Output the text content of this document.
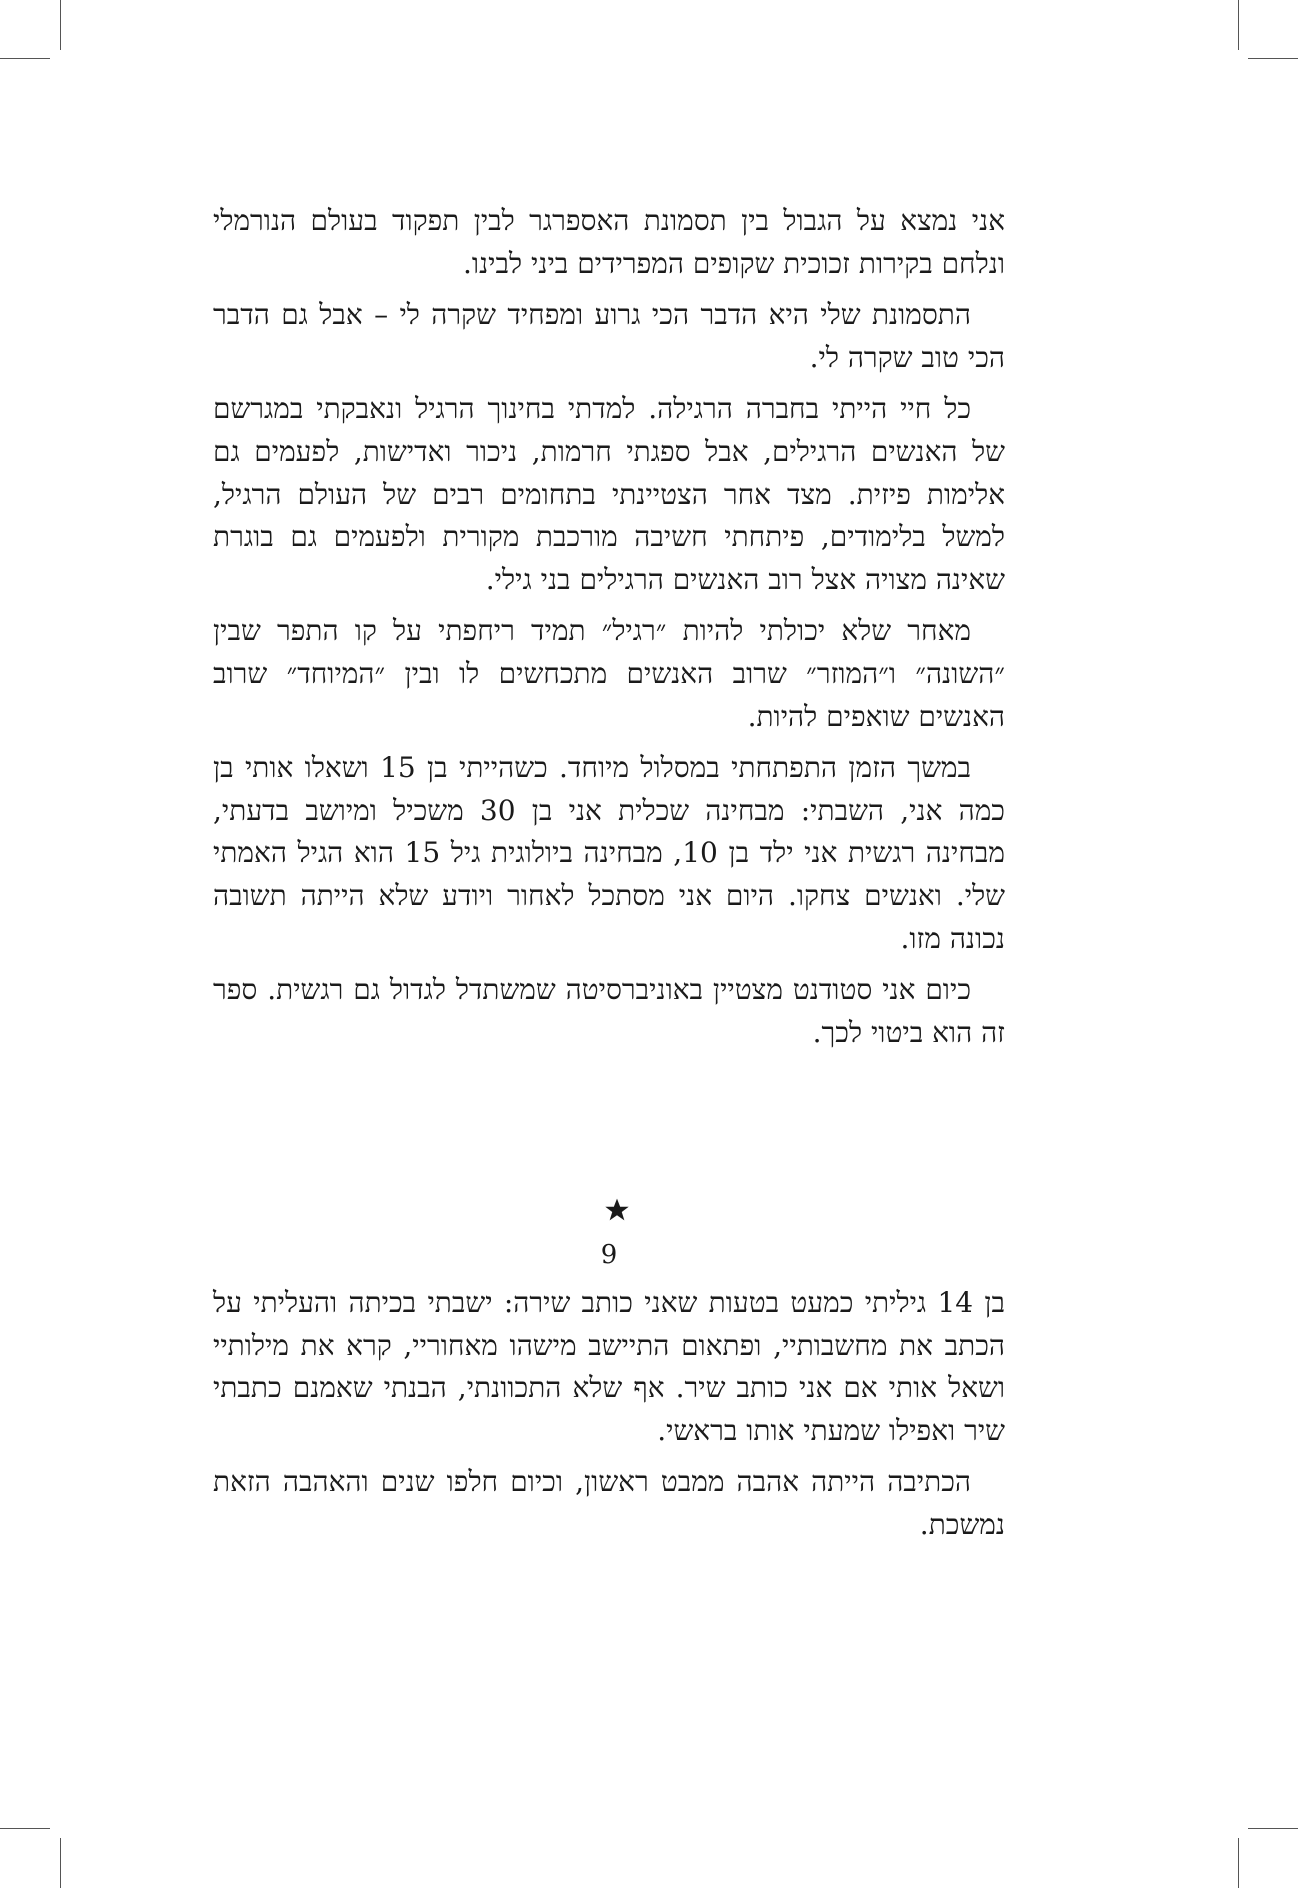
אני נמצא על הגבול בין תסמונת האספרגר לבין תפקוד בעולם הנורמלי ונלחם בקירות זכוכית שקופים המפרידים ביני לבינו.

התסמונת שלי היא הדבר הכי גרוע ומפחיד שקרה לי – אבל גם הדבר הכי טוב שקרה לי.

כל חיי הייתי בחברה הרגילה. למדתי בחינוך הרגיל ונאבקתי במגרשם של האנשים הרגילים, אבל ספגתי חרמות, ניכור ואדישות, לפעמים גם אלימות פיזית. מצד אחר הצטיינתי בתחומים רבים של העולם הרגיל, למשל בלימודים, פיתחתי חשיבה מורכבת מקורית ולפעמים גם בוגרת שאינה מצויה אצל רוב האנשים הרגילים בני גילי.

מאחר שלא יכולתי להיות ״רגיל״ תמיד ריחפתי על קו התפר שבין ״השונה״ ו״המוזר״ שרוב האנשים מתכחשים לו ובין ״המיוחד״ שרוב האנשים שואפים להיות.

במשך הזמן התפתחתי במסלול מיוחד. כשהייתי בן 15 ושאלו אותי בן כמה אני, השבתי: מבחינה שכלית אני בן 30 משכיל ומיושב בדעתי, מבחינה רגשית אני ילד בן 10, מבחינה ביולוגית גיל 15 הוא הגיל האמתי שלי. ואנשים צחקו. היום אני מסתכל לאחור ויודע שלא הייתה תשובה נכונה מזו.

כיום אני סטודנט מצטיין באוניברסיטה שמשתדל לגדול גם רגשית. ספר זה הוא ביטוי לכך.

בן 14 גיליתי כמעט בטעות שאני כותב שירה: ישבתי בכיתה והעליתי על הכתב את מחשבותיי, ופתאום התיישב מישהו מאחוריי, קרא את מילותיי ושאל אותי אם אני כותב שיר. אף שלא התכוונתי, הבנתי שאמנם כתבתי שיר ואפילו שמעתי אותו בראשי.

הכתיבה הייתה אהבה ממבט ראשון, וכיום חלפו שנים והאהבה הזאת נמשכת.

9
